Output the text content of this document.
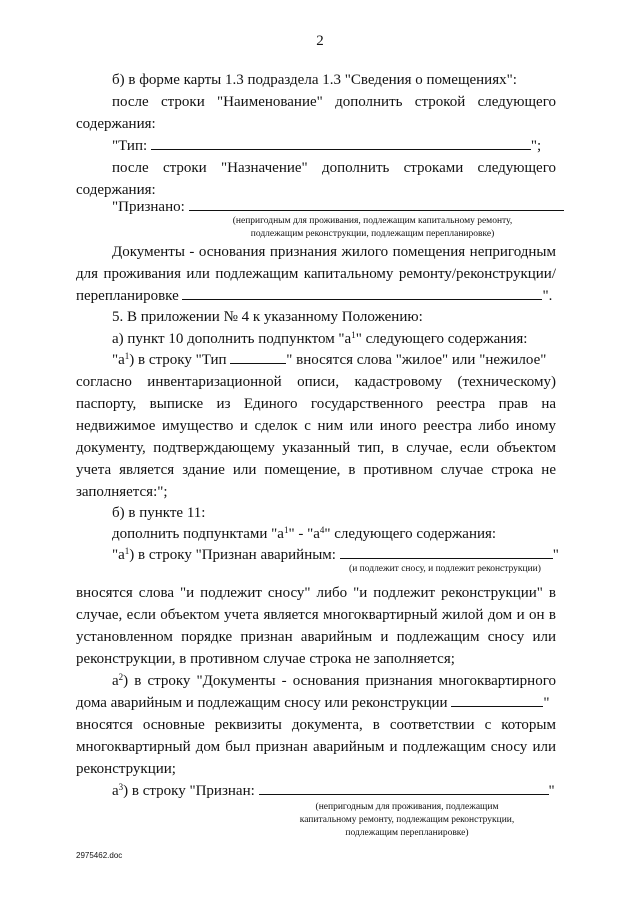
2
б) в форме карты 1.3 подраздела 1.3 "Сведения о помещениях":
после строки "Наименование" дополнить строкой следующего
содержания:
"Тип:	";
после строки "Назначение" дополнить строками следующего
содержания:
"Признано:
(непригодным для проживания, подлежащим капитальному ремонту,
подлежащим реконструкции, подлежащим перепланировке)
Документы - основания признания жилого помещения непригодным
для проживания или подлежащим капитальному ремонту/реконструкции/
перепланировке	".
5. В приложении № 4 к указанному Положению:
а) пункт 10 дополнить подпунктом "$а^1$" следующего содержания:
"$а^1$) в строку "Тип	" вносятся слова "жилое" или "нежилое"
согласно инвентаризационной описи, кадастровому (техническому)
паспорту, выписке из Единого государственного реестра прав на
недвижимое имущество и сделок с ним или иного реестра либо иному
документу, подтверждающему указанный тип, в случае, если объектом
учета является здание или помещение, в противном случае строка не
заполняется:";
б) в пункте 11:
дополнить подпунктами "$а^1$" - "$а^4$" следующего содержания:
"$а^1$) в строку "Признан аварийным:	"
(и подлежит сносу, и подлежит реконструкции)
вносятся слова "и подлежит сносу" либо "и подлежит реконструкции" в
случае, если объектом учета является многоквартирный жилой дом и он в
установленном порядке признан аварийным и подлежащим сносу или
реконструкции, в противном случае строка не заполняется;
$а^2$) в строку "Документы - основания признания многоквартирного
дома аварийным и подлежащим сносу или реконструкции	"
вносятся основные реквизиты документа, в соответствии с которым
многоквартирный дом был признан аварийным и подлежащим сносу или
реконструкции;
$а^3$) в строку "Признан:	"
(непригодным для проживания, подлежащим
капитальному ремонту, подлежащим реконструкции,
подлежащим перепланировке)
2975462.doc
